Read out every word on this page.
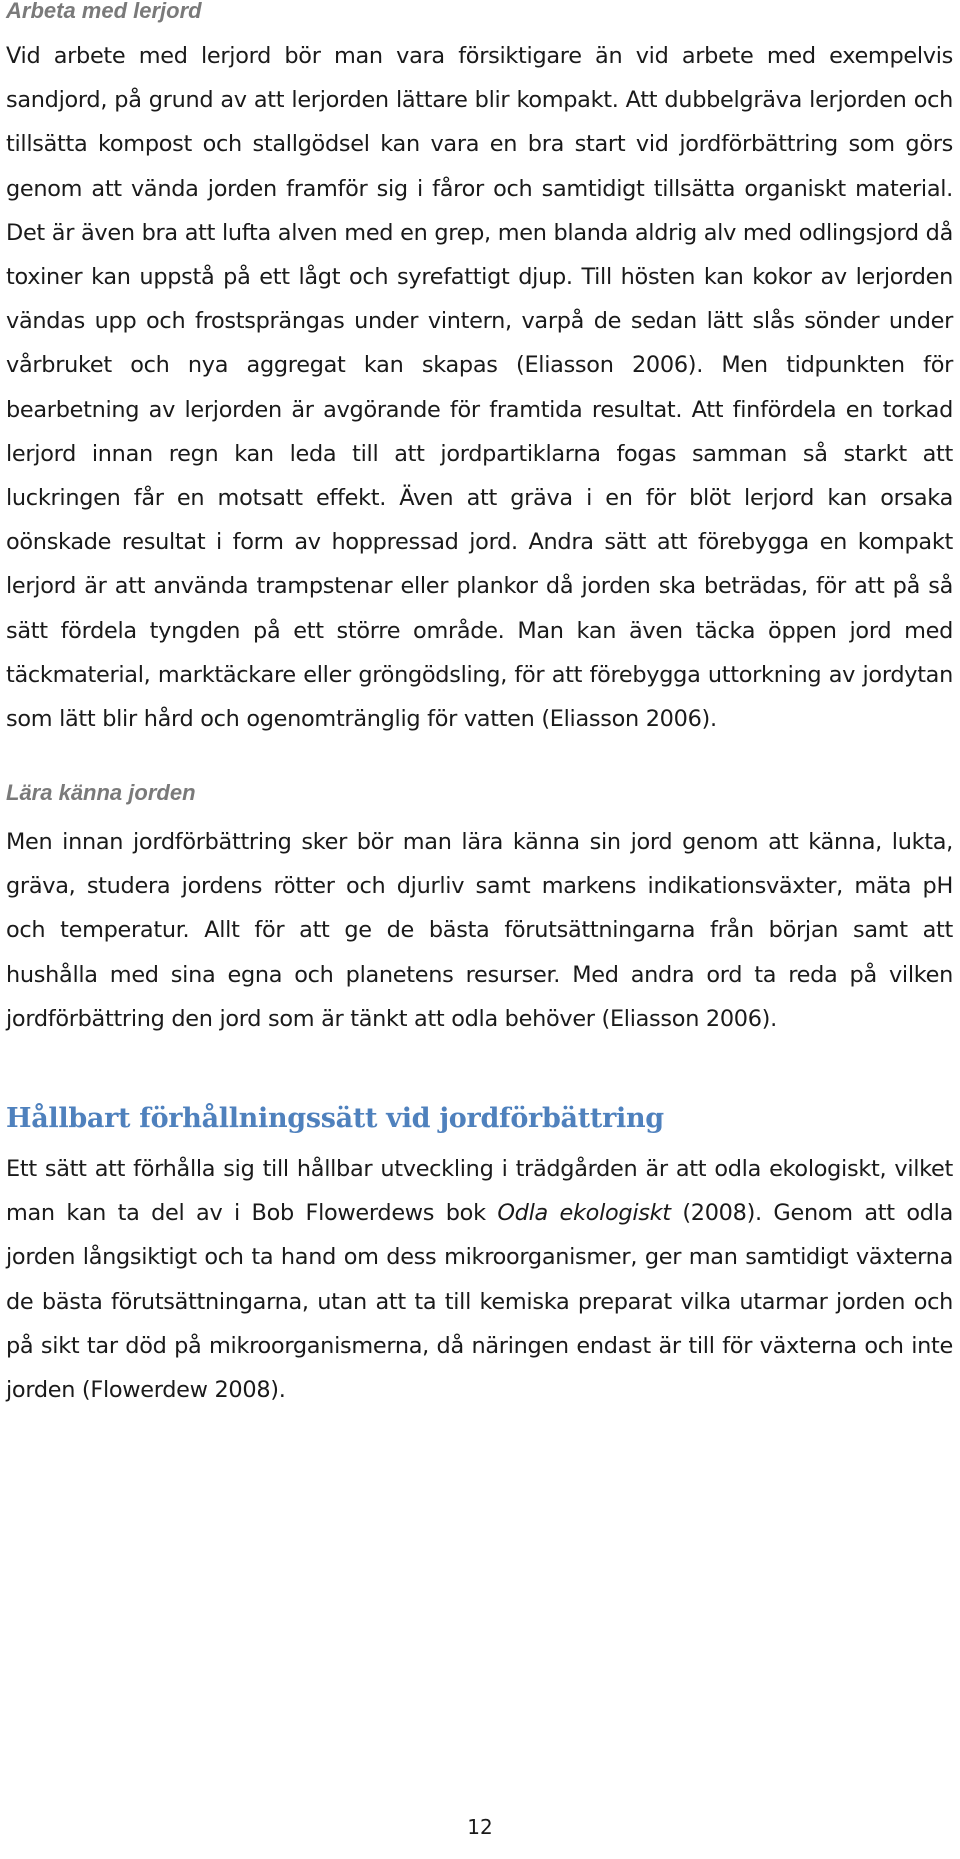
Arbeta med lerjord

Vid arbete med lerjord bör man vara försiktigare än vid arbete med exempelvis sandjord, på grund av att lerjorden lättare blir kompakt. Att dubbelgräva lerjorden och tillsätta kompost och stallgödsel kan vara en bra start vid jordförbättring som görs genom att vända jorden framför sig i fåror och samtidigt tillsätta organiskt material. Det är även bra att lufta alven med en grep, men blanda aldrig alv med odlingsjord då toxiner kan uppstå på ett lågt och syrefattigt djup. Till hösten kan kokor av lerjorden vändas upp och frostsprängas under vintern, varpå de sedan lätt slås sönder under vårbruket och nya aggregat kan skapas (Eliasson 2006). Men tidpunkten för bearbetning av lerjorden är avgörande för framtida resultat. Att finfördela en torkad lerjord innan regn kan leda till att jordpartiklarna fogas samman så starkt att luckringen får en motsatt effekt. Även att gräva i en för blöt lerjord kan orsaka oönskade resultat i form av hoppressad jord. Andra sätt att förebygga en kompakt lerjord är att använda trampstenar eller plankor då jorden ska beträdas, för att på så sätt fördela tyngden på ett större område. Man kan även täcka öppen jord med täckmaterial, marktäckare eller gröngödsling, för att förebygga uttorkning av jordytan som lätt blir hård och ogenomtränglig för vatten (Eliasson 2006).

Lära känna jorden

Men innan jordförbättring sker bör man lära känna sin jord genom att känna, lukta, gräva, studera jordens rötter och djurliv samt markens indikationsväxter, mäta pH och temperatur. Allt för att ge de bästa förutsättningarna från början samt att hushålla med sina egna och planetens resurser. Med andra ord ta reda på vilken jordförbättring den jord som är tänkt att odla behöver (Eliasson 2006).

Hållbart förhållningssätt vid jordförbättring

Ett sätt att förhålla sig till hållbar utveckling i trädgården är att odla ekologiskt, vilket man kan ta del av i Bob Flowerdews bok Odla ekologiskt (2008). Genom att odla jorden långsiktigt och ta hand om dess mikroorganismer, ger man samtidigt växterna de bästa förutsättningarna, utan att ta till kemiska preparat vilka utarmar jorden och på sikt tar död på mikroorganismerna, då näringen endast är till för växterna och inte jorden (Flowerdew 2008).

12
